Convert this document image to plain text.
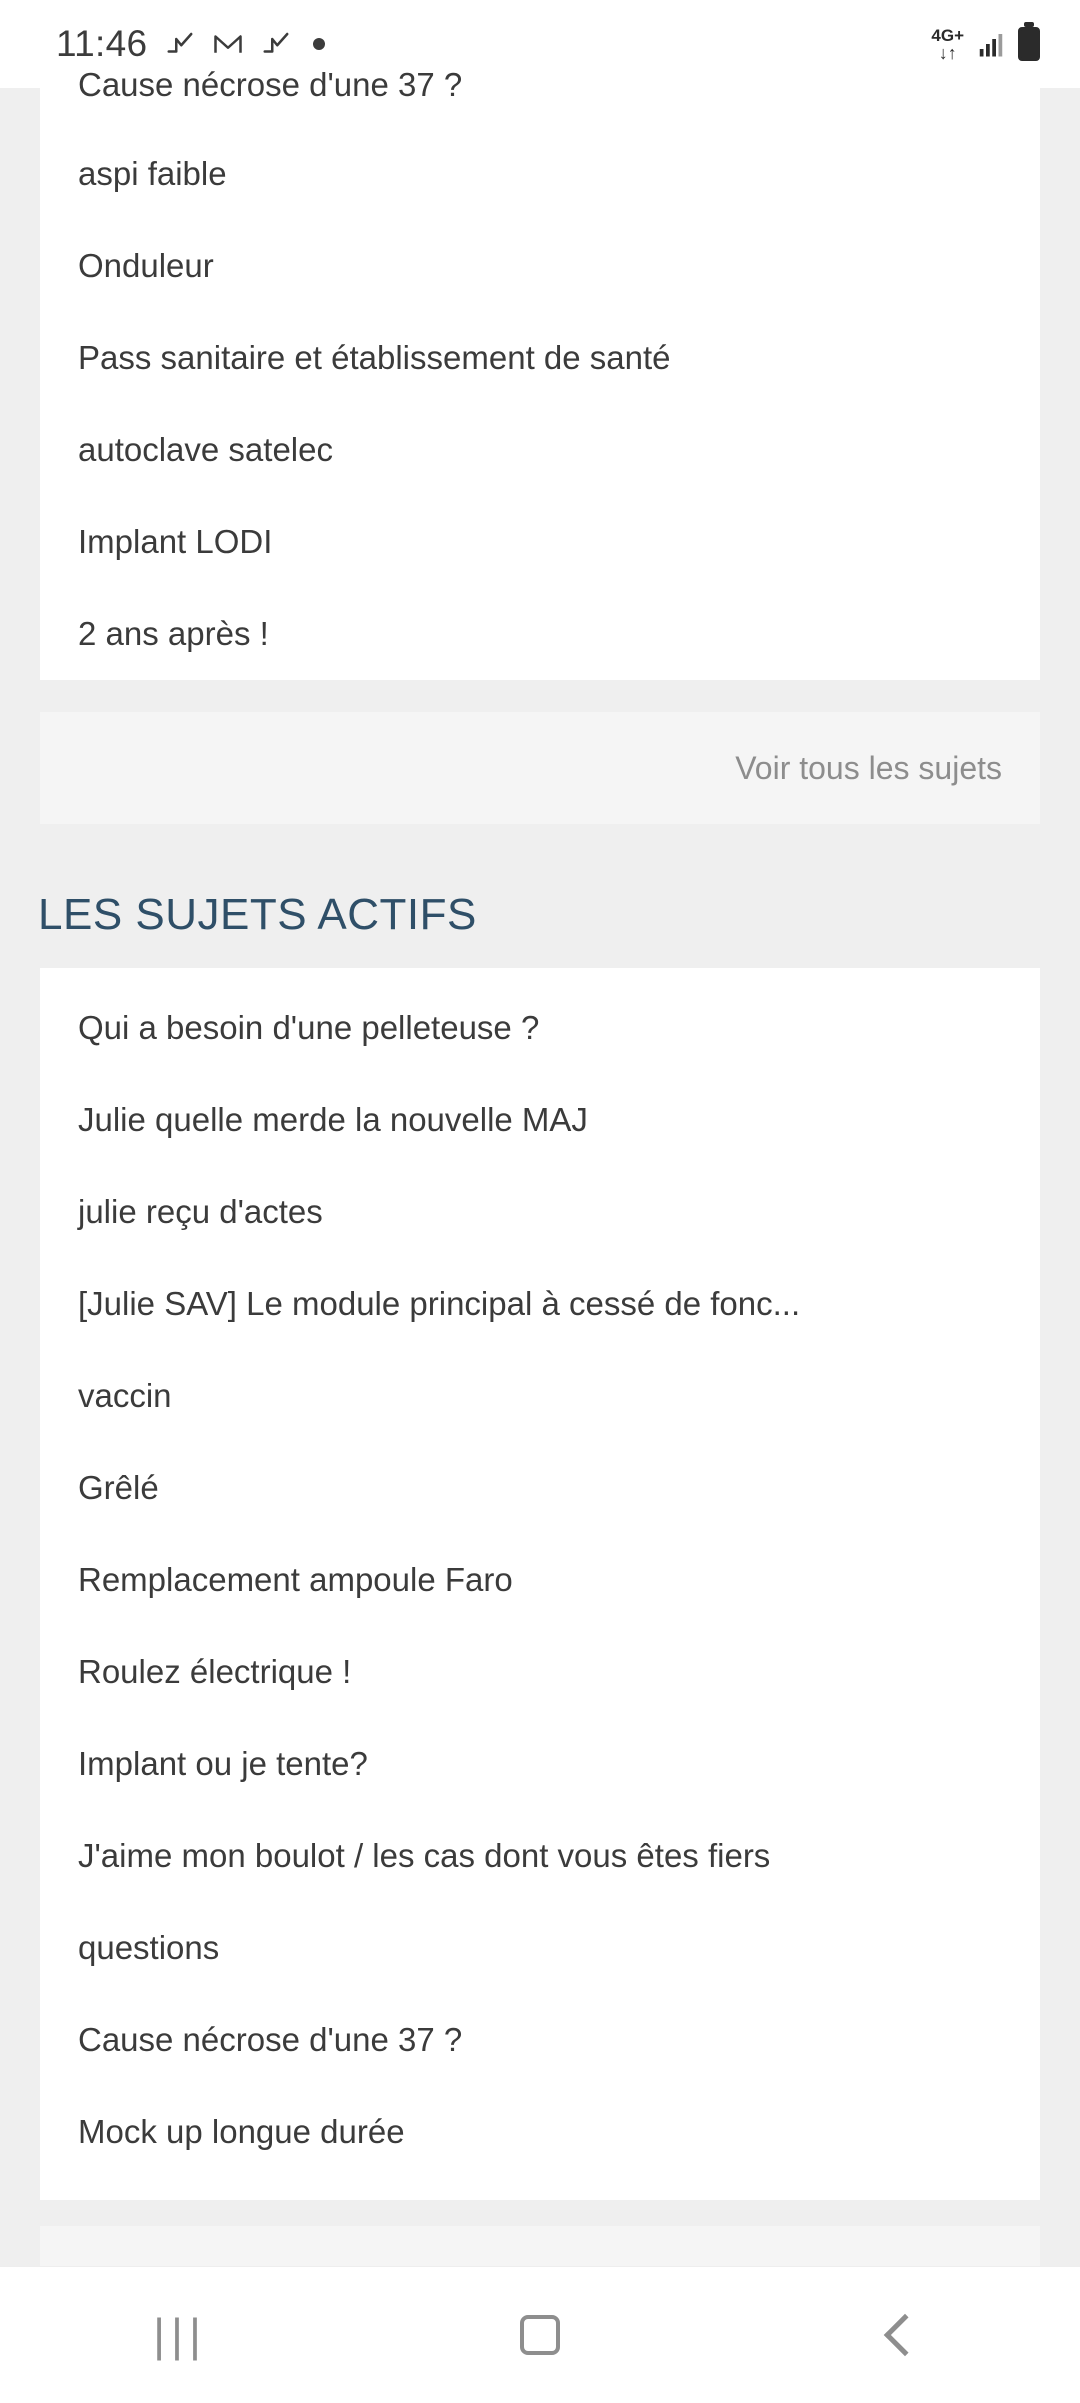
11:46	4G+
↓↑
Cause nécrose d'une 37 ?
aspi faible
Onduleur
Pass sanitaire et établissement de santé
autoclave satelec
Implant LODI
2 ans après !
Voir tous les sujets
LES SUJETS ACTIFS
Qui a besoin d'une pelleteuse ?
Julie quelle merde la nouvelle MAJ
julie reçu d'actes
[Julie SAV] Le module principal à cessé de fonc...
vaccin
Grêlé
Remplacement ampoule Faro
Roulez électrique !
Implant ou je tente?
J'aime mon boulot / les cas dont vous êtes fiers
questions
Cause nécrose d'une 37 ?
Mock up longue durée
|||
